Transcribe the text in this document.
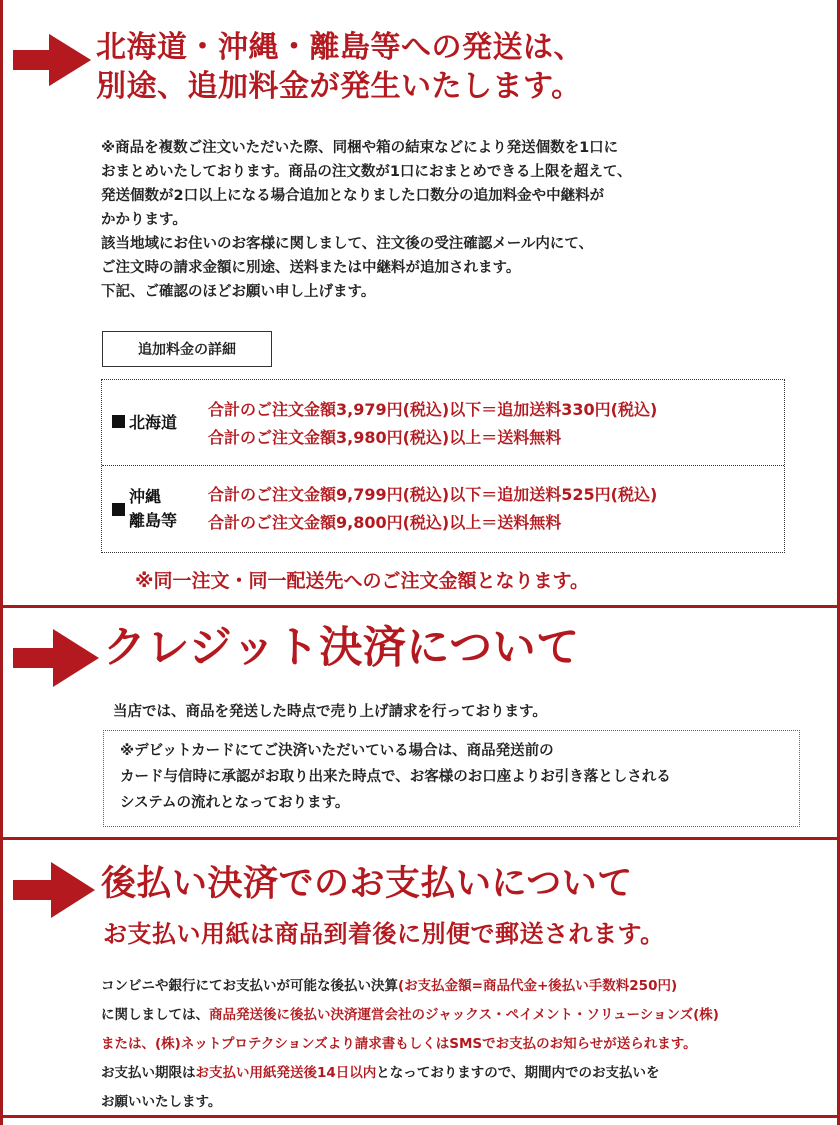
北海道・沖縄・離島等への発送は、
別途、追加料金が発生いたします。

※商品を複数ご注文いただいた際、同梱や箱の結束などにより発送個数を1口に

おまとめいたしております。商品の注文数が1口におまとめできる上限を超えて、

発送個数が2口以上になる場合追加となりました口数分の追加料金や中継料が

かかります。

該当地域にお住いのお客様に関しまして、注文後の受注確認メール内にて、

ご注文時の請求金額に別途、送料または中継料が追加されます。

下記、ご確認のほどお願い申し上げます。

追加料金の詳細
北海道
合計のご注文金額3,979円(税込)以下＝追加送料330円(税込)
合計のご注文金額3,980円(税込)以上＝送料無料
沖縄
離島等
合計のご注文金額9,799円(税込)以下＝追加送料525円(税込)
合計のご注文金額9,800円(税込)以上＝送料無料
※同一注文・同一配送先へのご注文金額となります。
クレジット決済について
当店では、商品を発送した時点で売り上げ請求を行っております。

※デビットカードにてご決済いただいている場合は、商品発送前の

カード与信時に承認がお取り出来た時点で、お客様のお口座よりお引き落としされる

システムの流れとなっております。

後払い決済でのお支払いについて
お支払い用紙は商品到着後に別便で郵送されます。

コンビニや銀行にてお支払いが可能な後払い決算(お支払金額=商品代金+後払い手数料250円)

に関しましては、商品発送後に後払い決済運営会社のジャックス・ペイメント・ソリューションズ(株)

または、(株)ネットプロテクションズより請求書もしくはSMSでお支払のお知らせが送られます。

お支払い期限はお支払い用紙発送後14日以内となっておりますので、期間内でのお支払いを

お願いいたします。
